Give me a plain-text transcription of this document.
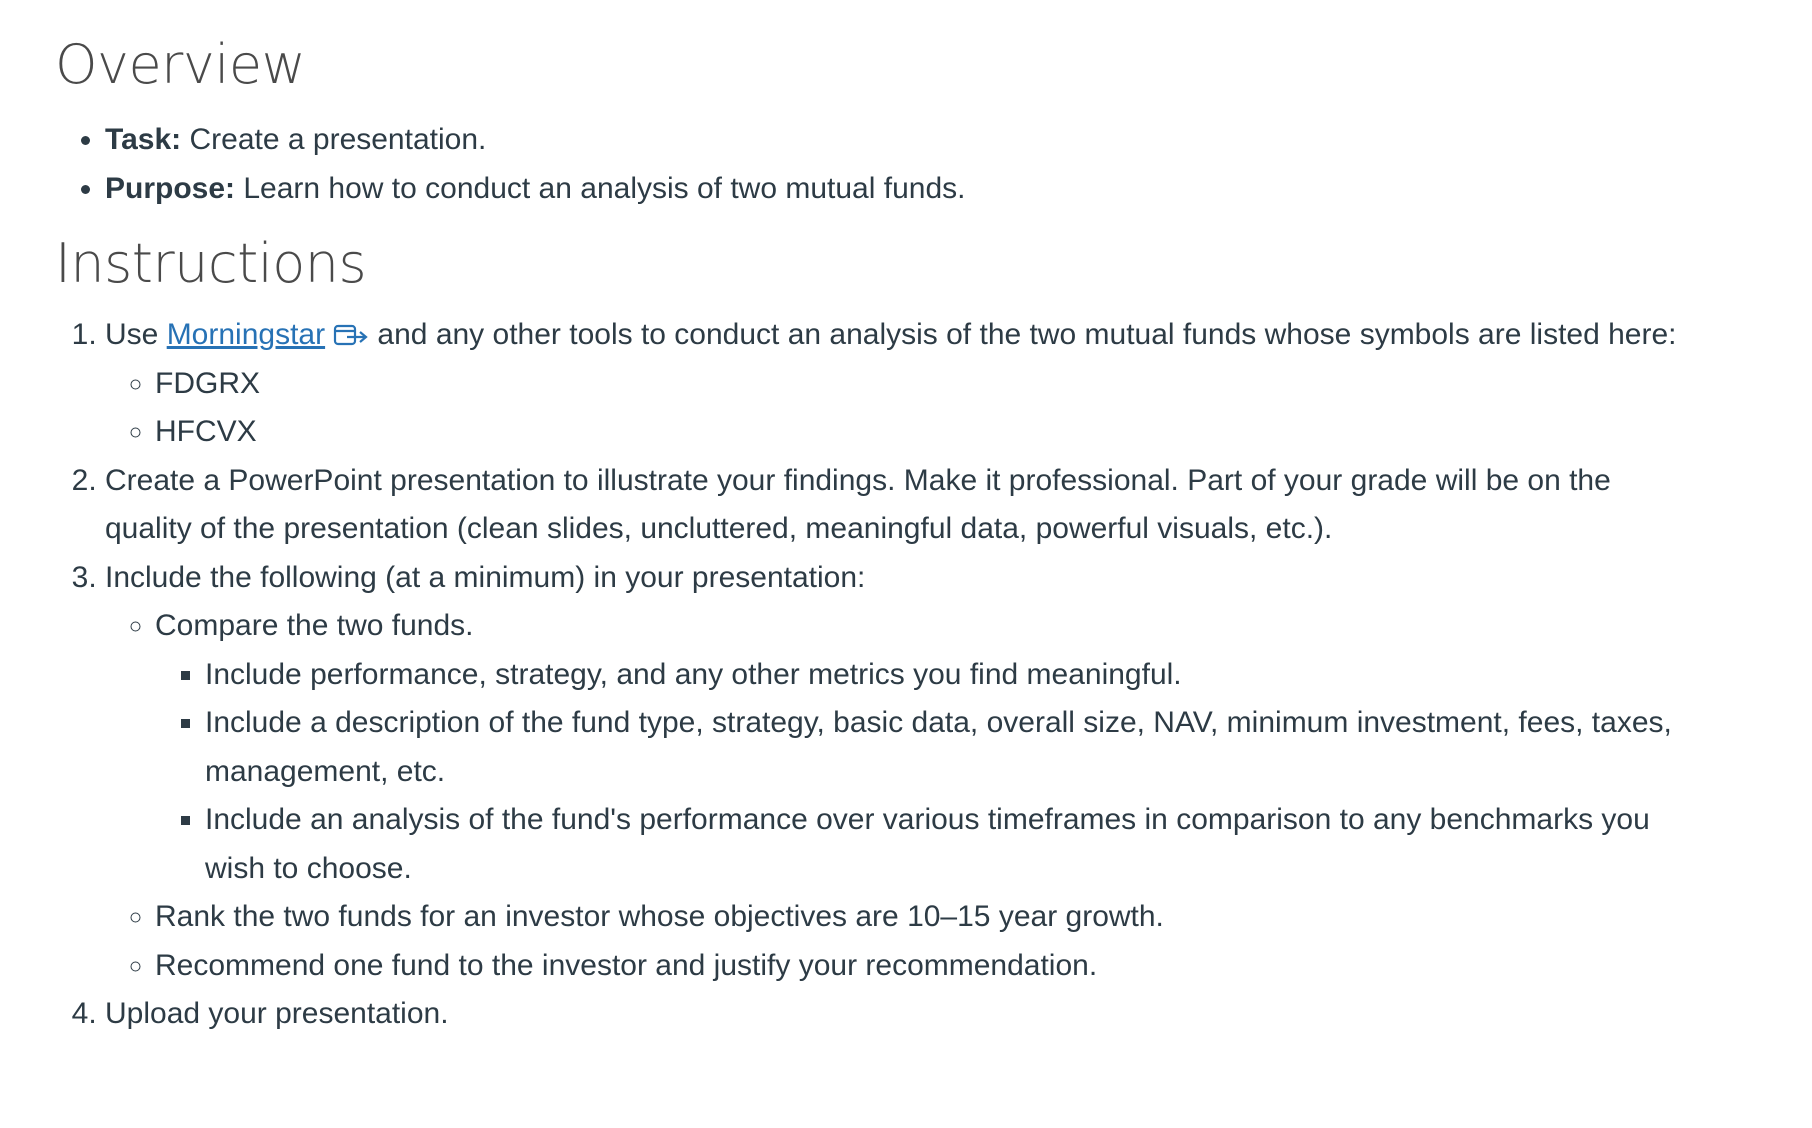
Overview
• Task: Create a presentation.
• Purpose: Learn how to conduct an analysis of two mutual funds.
Instructions
1. Use Morningstar and any other tools to conduct an analysis of the two mutual funds whose symbols are listed here:
◦ FDGRX
◦ HFCVX
2. Create a PowerPoint presentation to illustrate your findings. Make it professional. Part of your grade will be on the quality of the presentation (clean slides, uncluttered, meaningful data, powerful visuals, etc.).
3. Include the following (at a minimum) in your presentation:
◦ Compare the two funds.
▪ Include performance, strategy, and any other metrics you find meaningful.
▪ Include a description of the fund type, strategy, basic data, overall size, NAV, minimum investment, fees, taxes, management, etc.
▪ Include an analysis of the fund's performance over various timeframes in comparison to any benchmarks you wish to choose.
◦ Rank the two funds for an investor whose objectives are 10–15 year growth.
◦ Recommend one fund to the investor and justify your recommendation.
4. Upload your presentation.
